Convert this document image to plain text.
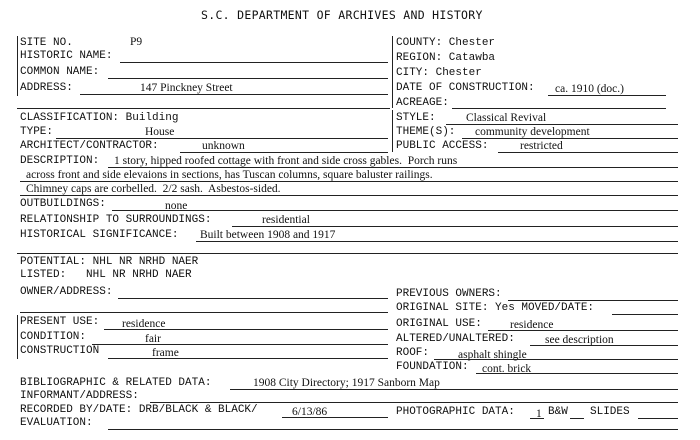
S.C. DEPARTMENT OF ARCHIVES AND HISTORY
SITE NO.	P9
HISTORIC NAME:
COMMON NAME:
ADDRESS:	147 Pinckney Street
COUNTY: Chester
REGION: Catawba
CITY: Chester
DATE OF CONSTRUCTION: ca. 1910 (doc.)
ACREAGE:
CLASSIFICATION: Building
TYPE:	House
ARCHITECT/CONTRACTOR:	unknown
STYLE:	Classical Revival
THEME(S): community development
PUBLIC ACCESS:	restricted
DESCRIPTION: 1 story, hipped roofed cottage with front and side cross gables.  Porch runs
across front and side elevaions in sections, has Tuscan columns, square baluster railings.
Chimney caps are corbelled.  2/2 sash.  Asbestos-sided.
OUTBUILDINGS:	none
RELATIONSHIP TO SURROUNDINGS:	residential
HISTORICAL SIGNIFICANCE: Built between 1908 and 1917
POTENTIAL: NHL NR NRHD NAER
LISTED:   NHL NR NRHD NAER
OWNER/ADDRESS:	PREVIOUS OWNERS:
ORIGINAL SITE: Yes MOVED/DATE:
PRESENT USE: residence
CONDITION:	fair
CONSTRUCTION	frame
ORIGINAL USE: residence
ALTERED/UNALTERED:	see description
ROOF:	asphalt shingle
FOUNDATION: cont. brick
BIBLIOGRAPHIC & RELATED DATA:	1908 City Directory; 1917 Sanborn Map
INFORMANT/ADDRESS:
RECORDED BY/DATE: DRB/BLACK & BLACK/	6/13/86
EVALUATION:
PHOTOGRAPHIC DATA: 1 B&W SLIDES
